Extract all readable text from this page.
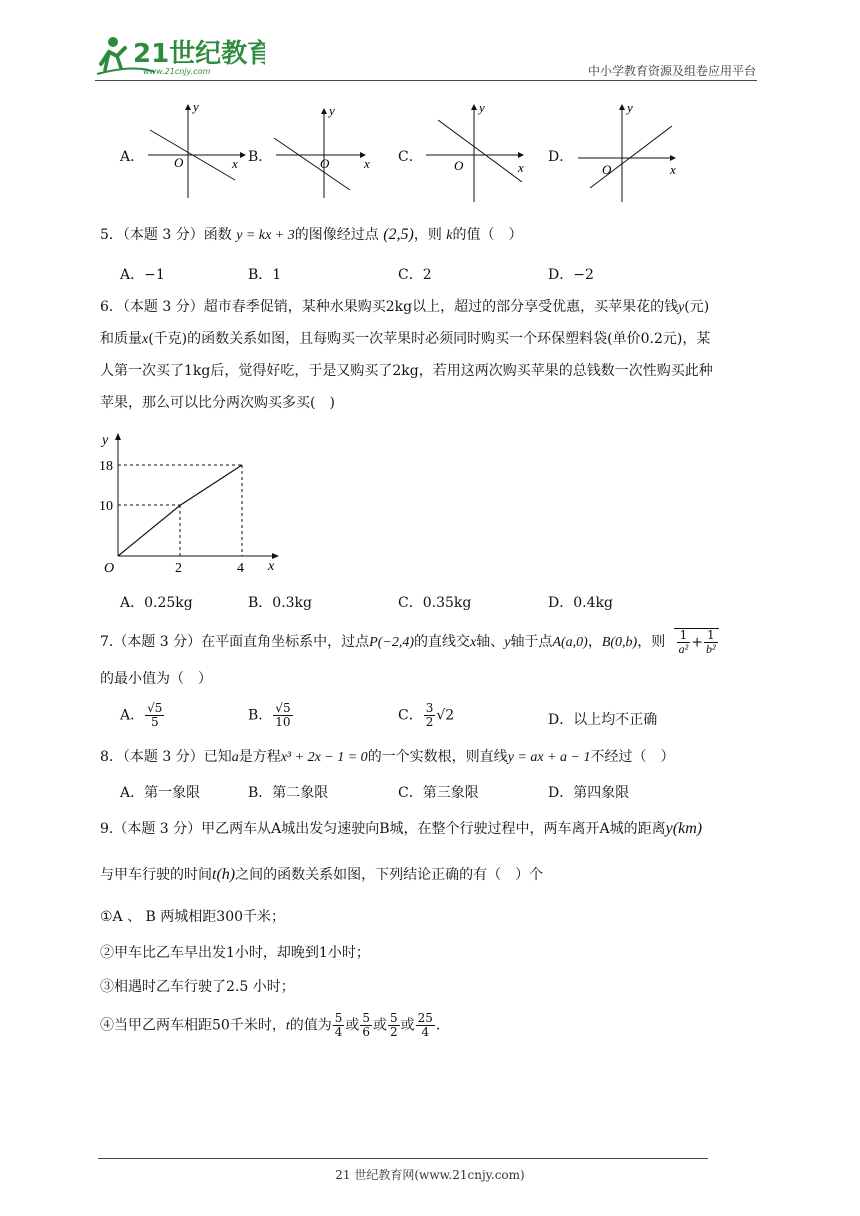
21世纪教育
www.21cnjy.com	中小学教育资源及组卷应用平台
A．
y
x
O	B．
y
x
O	C．
y
x
O
D．
y
x
O
5．（本题 3 分）函数 y = kx + 3的图像经过点 (2,5)，则 k的值（　）
A．−1	B．1	C．2	D．−2
6．（本题 3 分）超市春季促销，某种水果购买2kg以上，超过的部分享受优惠，买苹果花的钱y(元)
和质量x(千克)的函数关系如图，且每购买一次苹果时必须同时购买一个环保塑料袋(单价0.2元)，某
人第一次买了1kg后，觉得好吃，于是又购买了2kg，若用这两次购买苹果的总钱数一次性购买此种
苹果，那么可以比分两次购买多买(　)
y
18
10
2	4 x
O
A．0.25kg	B．0.3kg	C．0.35kg	D．0.4kg
7.（本题 3 分）在平面直角坐标系中，过点P(−2,4)的直线交x轴、y轴于点A(a,0)，B(0,b)，则 $\frac{1}{\text{a²}} + \frac{1}{\text{b²}}$
的最小值为（　）
A． $\frac{√5}{5}$	B． $\frac{√5}{10}$	C． $\frac{3}{2} √2$	D．以上均不正确
8．（本题 3 分）已知a是方程x³ + 2x − 1 = 0的一个实数根，则直线y = ax + a − 1不经过（　）
A．第一象限	B．第二象限	C．第三象限	D．第四象限
9.（本题 3 分）甲乙两车从A城出发匀速驶向B城，在整个行驶过程中，两车离开A城的距离y(km)
与甲车行驶的时间t(h)之间的函数关系如图，下列结论正确的有（　）个
①A 、 B 两城相距300千米；
②甲车比乙车早出发1小时，却晚到1小时；
③相遇时乙车行驶了2.5 小时；
④当甲乙两车相距50千米时，t的值为 $\frac{5}{4}$ 或 $\frac{5}{6}$ 或 $\frac{5}{2}$ 或 $\frac{25}{4}$ ．
21 世纪教育网(www.21cnjy.com)
